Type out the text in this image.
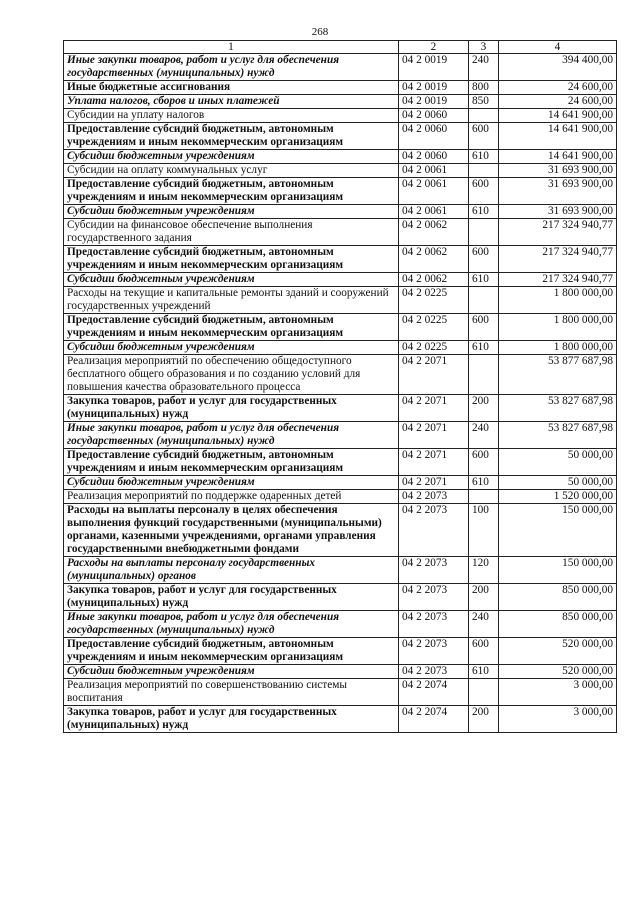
268
1	2	3	4
Иные закупки товаров, работ и услуг для обеспечения государственных (муниципальных) нужд	04 2 0019	240	394 400,00
Иные бюджетные ассигнования	04 2 0019	800	24 600,00
Уплата налогов, сборов и иных платежей	04 2 0019	850	24 600,00
Субсидии на уплату налогов	04 2 0060		14 641 900,00
Предоставление субсидий бюджетным, автономным учреждениям и иным некоммерческим организациям	04 2 0060	600	14 641 900,00
Субсидии бюджетным учреждениям	04 2 0060	610	14 641 900,00
Субсидии на оплату коммунальных услуг	04 2 0061		31 693 900,00
Предоставление субсидий бюджетным, автономным учреждениям и иным некоммерческим организациям	04 2 0061	600	31 693 900,00
Субсидии бюджетным учреждениям	04 2 0061	610	31 693 900,00
Субсидии на финансовое обеспечение выполнения государственного задания	04 2 0062		217 324 940,77
Предоставление субсидий бюджетным, автономным учреждениям и иным некоммерческим организациям	04 2 0062	600	217 324 940,77
Субсидии бюджетным учреждениям	04 2 0062	610	217 324 940,77
Расходы на текущие и капитальные ремонты зданий и сооружений государственных учреждений	04 2 0225		1 800 000,00
Предоставление субсидий бюджетным, автономным учреждениям и иным некоммерческим организациям	04 2 0225	600	1 800 000,00
Субсидии бюджетным учреждениям	04 2 0225	610	1 800 000,00
Реализация мероприятий по обеспечению общедоступного бесплатного общего образования и по созданию условий для повышения качества образовательного процесса	04 2 2071		53 877 687,98
Закупка товаров, работ и услуг для государственных (муниципальных) нужд	04 2 2071	200	53 827 687,98
Иные закупки товаров, работ и услуг для обеспечения государственных (муниципальных) нужд	04 2 2071	240	53 827 687,98
Предоставление субсидий бюджетным, автономным учреждениям и иным некоммерческим организациям	04 2 2071	600	50 000,00
Субсидии бюджетным учреждениям	04 2 2071	610	50 000,00
Реализация мероприятий по поддержке одаренных детей	04 2 2073		1 520 000,00
Расходы на выплаты персоналу в целях обеспечения выполнения функций государственными (муниципальными) органами, казенными учреждениями, органами управления государственными внебюджетными фондами	04 2 2073	100	150 000,00
Расходы на выплаты персоналу государственных (муниципальных) органов	04 2 2073	120	150 000,00
Закупка товаров, работ и услуг для государственных (муниципальных) нужд	04 2 2073	200	850 000,00
Иные закупки товаров, работ и услуг для обеспечения государственных (муниципальных) нужд	04 2 2073	240	850 000,00
Предоставление субсидий бюджетным, автономным учреждениям и иным некоммерческим организациям	04 2 2073	600	520 000,00
Субсидии бюджетным учреждениям	04 2 2073	610	520 000,00
Реализация мероприятий по совершенствованию системы воспитания	04 2 2074		3 000,00
Закупка товаров, работ и услуг для государственных (муниципальных) нужд	04 2 2074	200	3 000,00
